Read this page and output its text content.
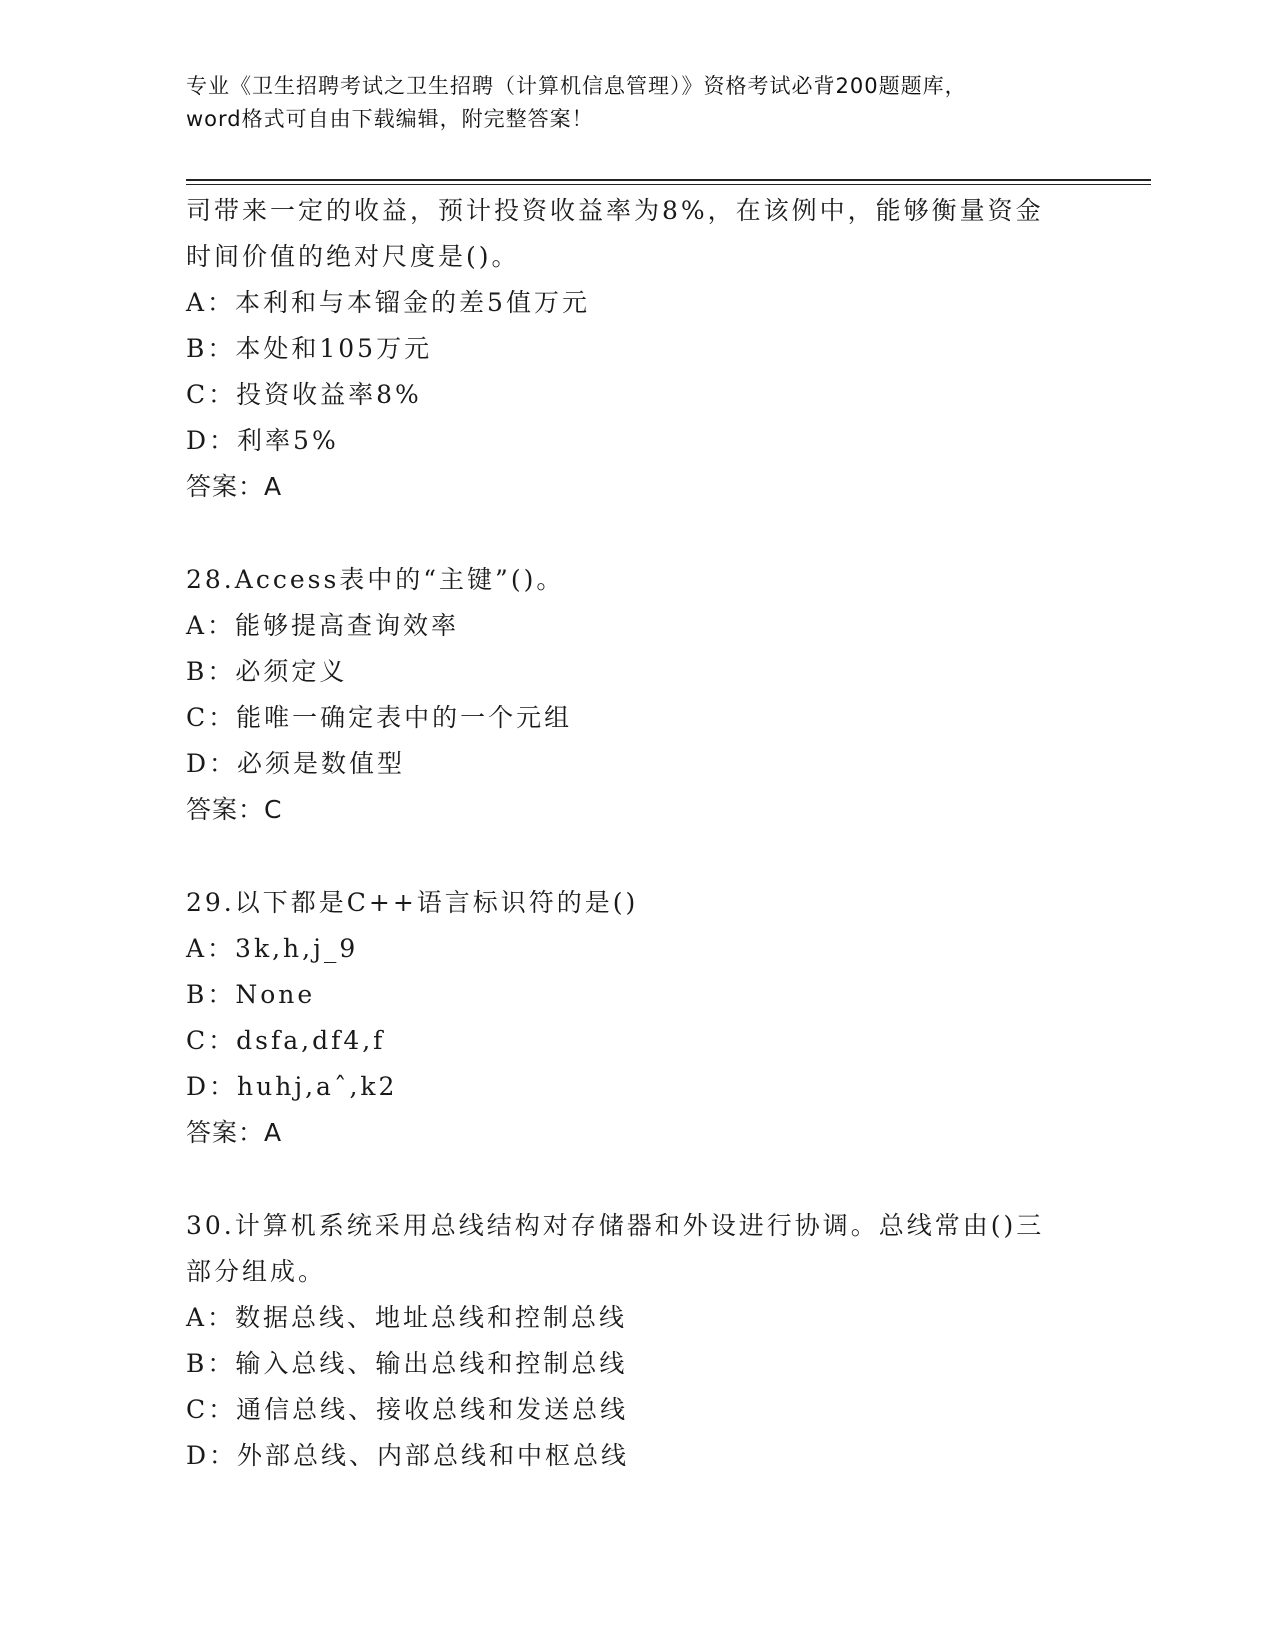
专业《卫生招聘考试之卫生招聘（计算机信息管理）》资格考试必背200题题库，
word格式可自由下载编辑，附完整答案！
司带来一定的收益，预计投资收益率为8%，在该例中，能够衡量资金
时间价值的绝对尺度是()。
A：本利和与本镏金的差5值万元
B：本处和105万元
C：投资收益率8%
D：利率5%
答案：A
28.Access表中的“主键”()。
A：能够提高查询效率
B：必须定义
C：能唯一确定表中的一个元组
D：必须是数值型
答案：C
29.以下都是C++语言标识符的是()
A：3k,h,j_9
B：None
C：dsfa,df4,f
D：huhj,aˆ,k2
答案：A
30.计算机系统采用总线结构对存储器和外设进行协调。总线常由()三
部分组成。
A：数据总线、地址总线和控制总线
B：输入总线、输出总线和控制总线
C：通信总线、接收总线和发送总线
D：外部总线、内部总线和中枢总线
